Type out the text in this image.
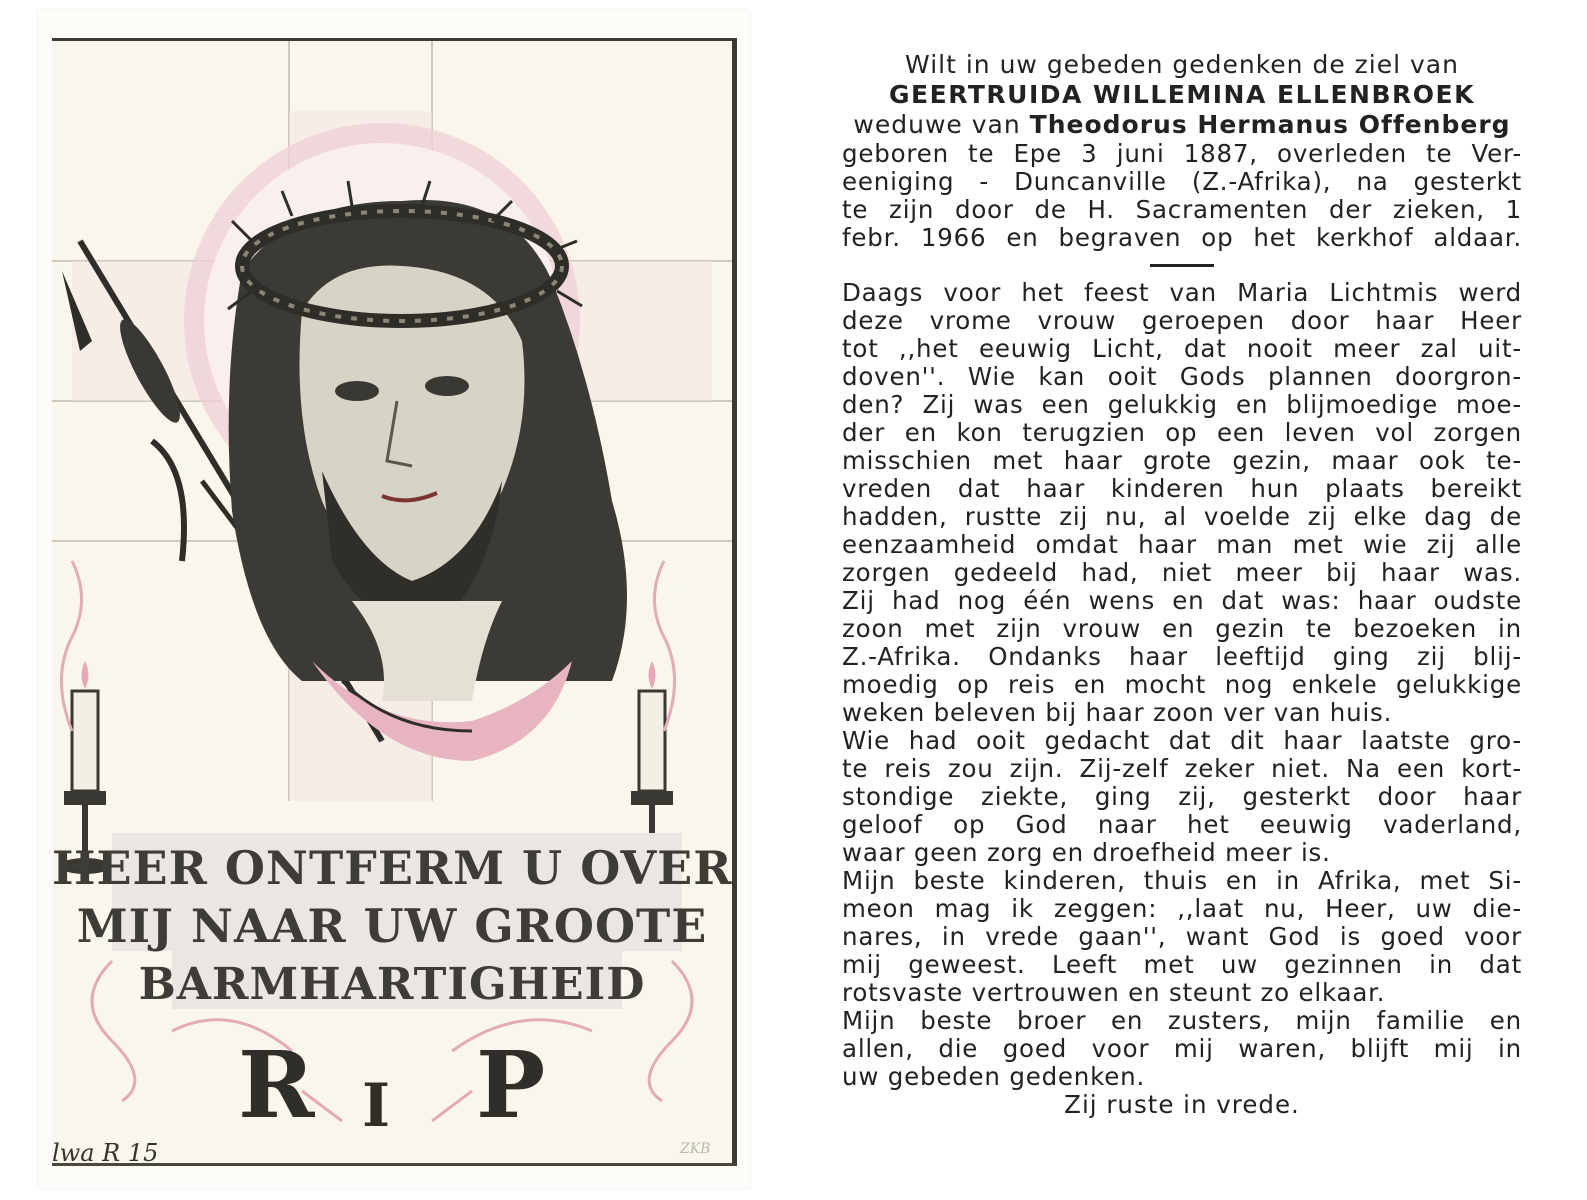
HEER ONTFERM U OVER
MIJ NAAR UW GROOTE
BARMHARTIGHEID
R I P
lwa R 15	ZKB
Wilt in uw gebeden gedenken de ziel van
GEERTRUIDA WILLEMINA ELLENBROEK
weduwe van Theodorus Hermanus Offenberg
geboren te Epe 3 juni 1887, overleden te Ver-
eeniging - Duncanville (Z.-Afrika), na gesterkt
te zijn door de H. Sacramenten der zieken, 1
febr. 1966 en begraven op het kerkhof aldaar.
Daags voor het feest van Maria Lichtmis werd
deze vrome vrouw geroepen door haar Heer
tot ,,het eeuwig Licht, dat nooit meer zal uit-
doven''. Wie kan ooit Gods plannen doorgron-
den? Zij was een gelukkig en blijmoedige moe-
der en kon terugzien op een leven vol zorgen
misschien met haar grote gezin, maar ook te-
vreden dat haar kinderen hun plaats bereikt
hadden, rustte zij nu, al voelde zij elke dag de
eenzaamheid omdat haar man met wie zij alle
zorgen gedeeld had, niet meer bij haar was.
Zij had nog één wens en dat was: haar oudste
zoon met zijn vrouw en gezin te bezoeken in
Z.-Afrika. Ondanks haar leeftijd ging zij blij-
moedig op reis en mocht nog enkele gelukkige
weken beleven bij haar zoon ver van huis.
Wie had ooit gedacht dat dit haar laatste gro-
te reis zou zijn. Zij-zelf zeker niet. Na een kort-
stondige ziekte, ging zij, gesterkt door haar
geloof op God naar het eeuwig vaderland,
waar geen zorg en droefheid meer is.
Mijn beste kinderen, thuis en in Afrika, met Si-
meon mag ik zeggen: ,,laat nu, Heer, uw die-
nares, in vrede gaan'', want God is goed voor
mij geweest. Leeft met uw gezinnen in dat
rotsvaste vertrouwen en steunt zo elkaar.
Mijn beste broer en zusters, mijn familie en
allen, die goed voor mij waren, blijft mij in
uw gebeden gedenken.
Zij ruste in vrede.
